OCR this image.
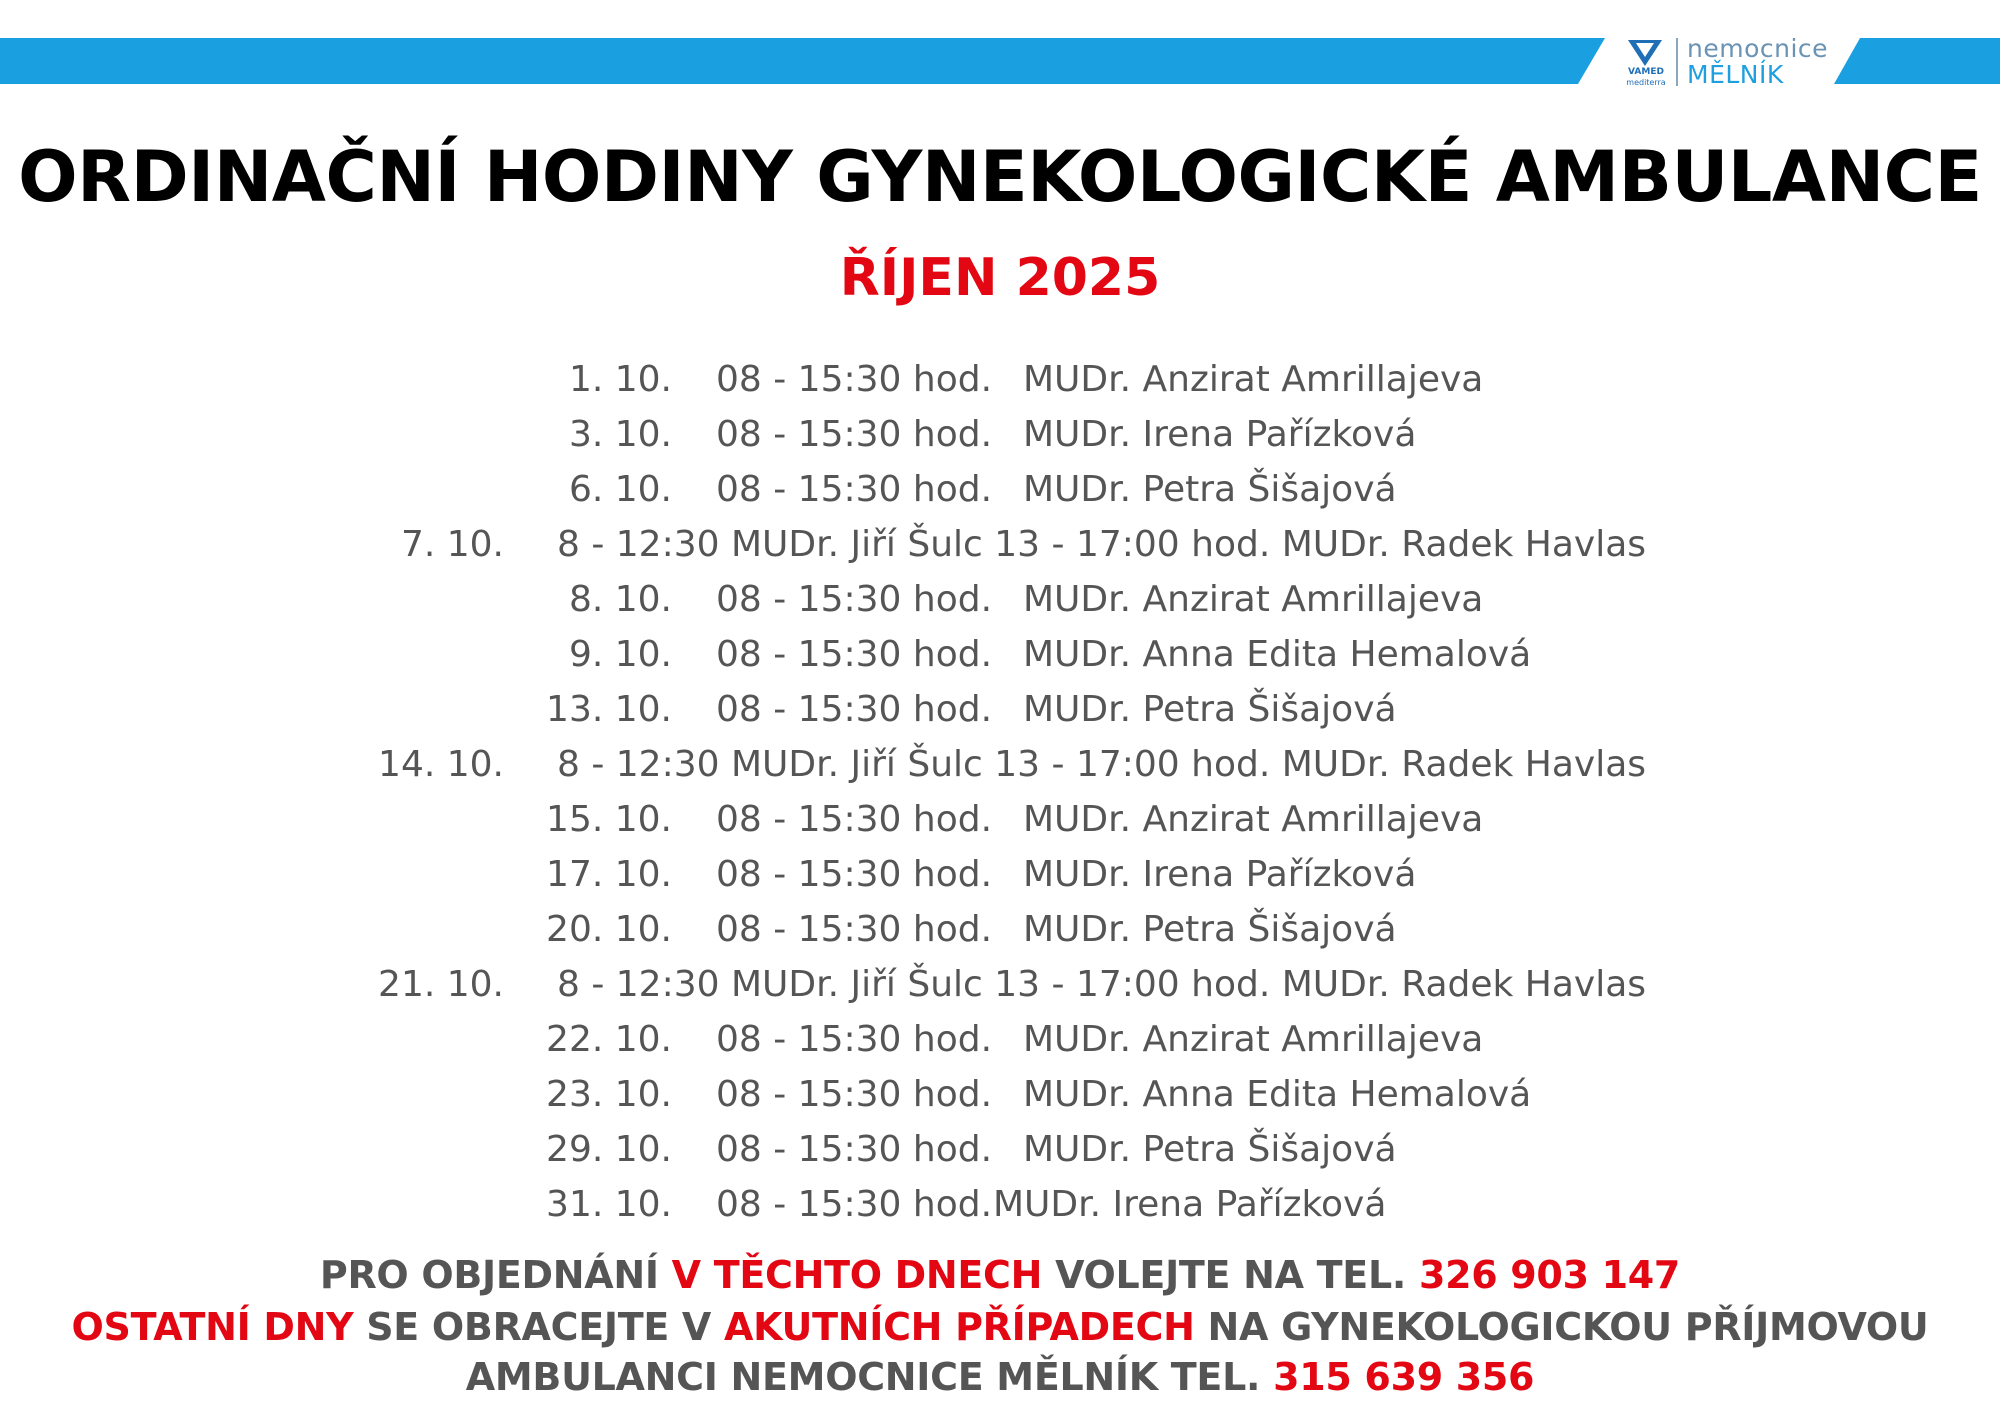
VAMED
mediterra
nemocnice
MĚLNÍK
ORDINAČNÍ HODINY GYNEKOLOGICKÉ AMBULANCE
ŘÍJEN 2025
1. 10. 08 - 15:30 hod. MUDr. Anzirat Amrillajeva
3. 10. 08 - 15:30 hod. MUDr. Irena Pařízková
6. 10. 08 - 15:30 hod. MUDr. Petra Šišajová
7. 10. 8 - 12:30 MUDr. Jiří Šulc 13 - 17:00 hod. MUDr. Radek Havlas
8. 10. 08 - 15:30 hod. MUDr. Anzirat Amrillajeva
9. 10. 08 - 15:30 hod. MUDr. Anna Edita Hemalová
13. 10. 08 - 15:30 hod. MUDr. Petra Šišajová
14. 10. 8 - 12:30 MUDr. Jiří Šulc 13 - 17:00 hod. MUDr. Radek Havlas
15. 10. 08 - 15:30 hod. MUDr. Anzirat Amrillajeva
17. 10. 08 - 15:30 hod. MUDr. Irena Pařízková
20. 10. 08 - 15:30 hod. MUDr. Petra Šišajová
21. 10. 8 - 12:30 MUDr. Jiří Šulc 13 - 17:00 hod. MUDr. Radek Havlas
22. 10. 08 - 15:30 hod. MUDr. Anzirat Amrillajeva
23. 10. 08 - 15:30 hod. MUDr. Anna Edita Hemalová
29. 10. 08 - 15:30 hod. MUDr. Petra Šišajová
31. 10. 08 - 15:30 hod. MUDr. Irena Pařízková
PRO OBJEDNÁNÍ V TĚCHTO DNECH VOLEJTE NA TEL. 326 903 147
OSTATNÍ DNY SE OBRACEJTE V AKUTNÍCH PŘÍPADECH NA GYNEKOLOGICKOU PŘÍJMOVOU
AMBULANCI NEMOCNICE MĚLNÍK TEL. 315 639 356
